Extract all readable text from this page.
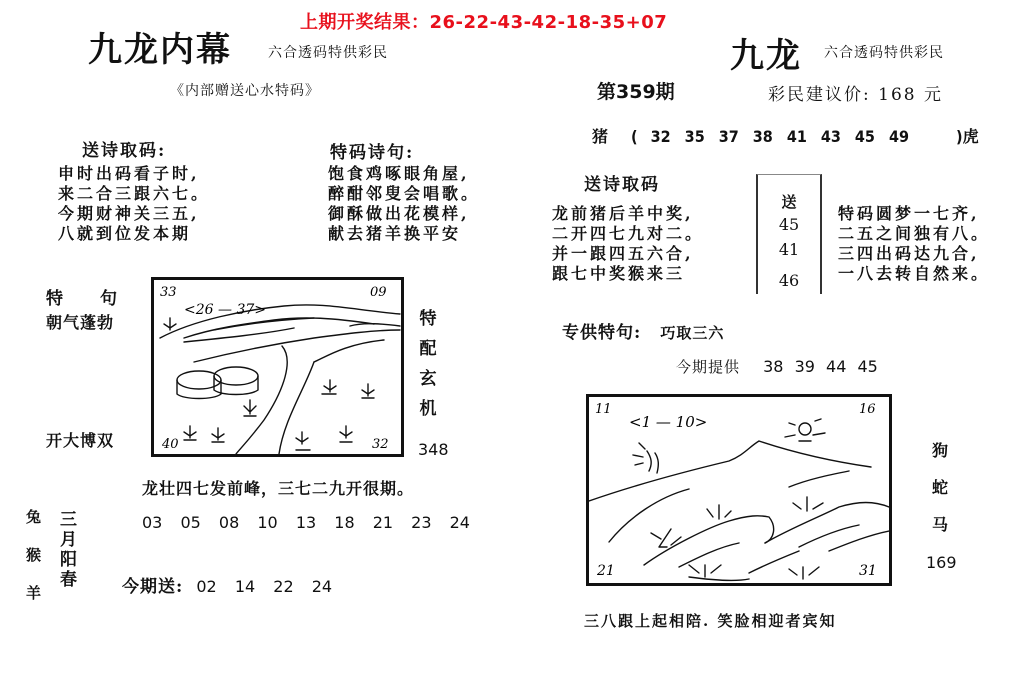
上期开奖结果：26-22-43-42-18-35+07
九龙内幕	六合透码特供彩民
《内部赠送心水特码》
送诗取码:
申时出码看子时,
来二合三跟六七。
今期财神关三五,
八就到位发本期
特码诗句:
饱食鸡啄眼角屋,
醉酣邻叟会唱歌。
御酥做出花模样,
献去猪羊换平安
特　　句
朝气蓬勃
开大博双
33	09
40	32
<26 — 37>	特
配
玄
机
348
龙壮四七发前峰，三七二九开很期。
兔
猴
羊
三
月
阳
春
03 05 08 10 13 18 21 23 24
今期送: 02 14 22 24
九龙 六合透码特供彩民
第359期	彩民建议价: 168 元
猪 ( 32 35 37 38 41 43 45 49	)虎
送诗取码
龙前猪后羊中奖,
二开四七九对二。
并一跟四五六合,
跟七中奖猴来三
送
45
41
46
特码圆梦一七齐,
二五之间独有八。
三四出码达九合,
一八去转自然来。
专供特句: 巧取三六
今期提供 38 39 44 45
11	16
21	31
<1 — 10>
狗
蛇
马
169
三八跟上起相陪. 笑脸相迎者宾知
